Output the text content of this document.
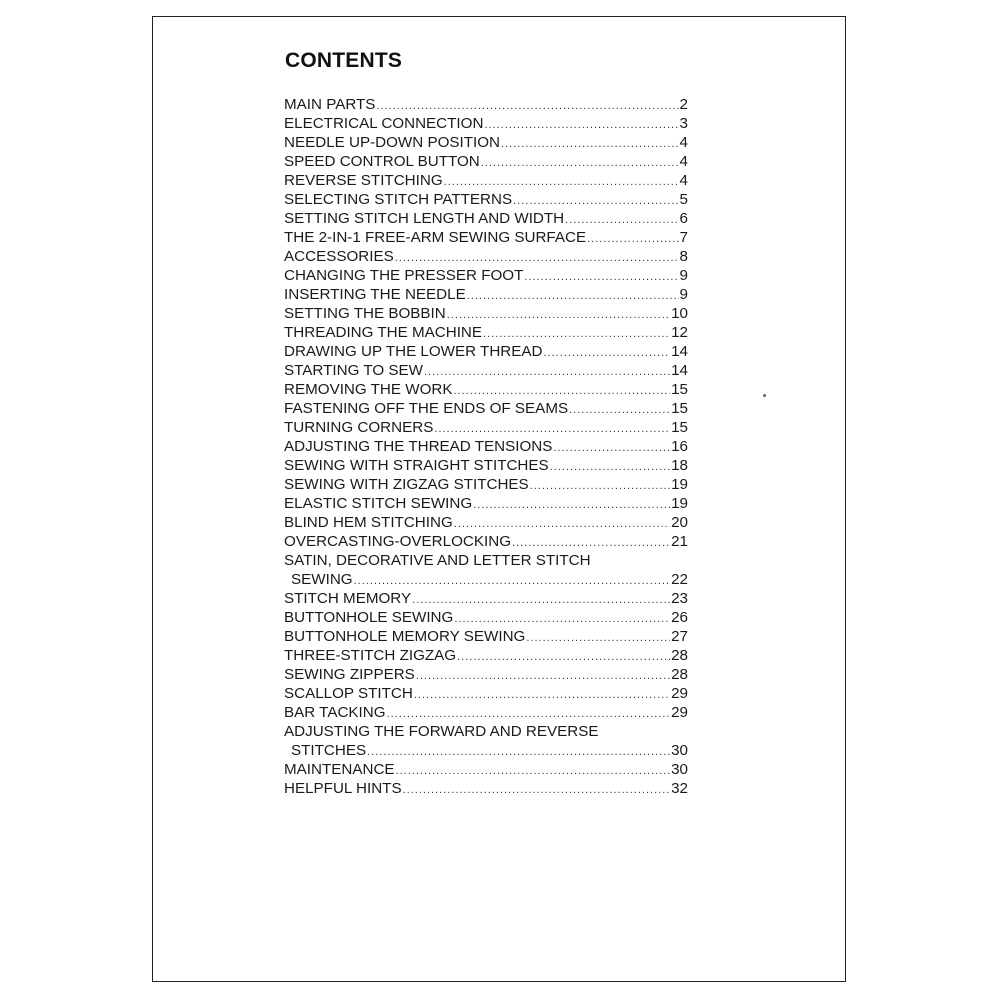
CONTENTS
MAIN PARTS .....	2
ELECTRICAL CONNECTION .....	3
NEEDLE UP-DOWN POSITION .....	4
SPEED CONTROL BUTTON .....	4
REVERSE STITCHING .....	4
SELECTING STITCH PATTERNS .....	5
SETTING STITCH LENGTH AND WIDTH .....	6
THE 2-IN-1 FREE-ARM SEWING SURFACE .....	7
ACCESSORIES .....	8
CHANGING THE PRESSER FOOT .....	9
INSERTING THE NEEDLE .....	9
SETTING THE BOBBIN .....	10
THREADING THE MACHINE .....	12
DRAWING UP THE LOWER THREAD .....	14
STARTING TO SEW .....	14
REMOVING THE WORK .....	15
FASTENING OFF THE ENDS OF SEAMS .....	15
TURNING CORNERS .....	15
ADJUSTING THE THREAD TENSIONS .....	16
SEWING WITH STRAIGHT STITCHES .....	18
SEWING WITH ZIGZAG STITCHES .....	19
ELASTIC STITCH SEWING .....	19
BLIND HEM STITCHING .....	20
OVERCASTING-OVERLOCKING .....	21
SATIN, DECORATIVE AND LETTER STITCH
SEWING .....	22
STITCH MEMORY .....	23
BUTTONHOLE SEWING .....	26
BUTTONHOLE MEMORY SEWING .....	27
THREE-STITCH ZIGZAG .....	28
SEWING ZIPPERS .....	28
SCALLOP STITCH .....	29
BAR TACKING .....	29
ADJUSTING THE FORWARD AND REVERSE
STITCHES .....	30
MAINTENANCE .....	30
HELPFUL HINTS .....	32
